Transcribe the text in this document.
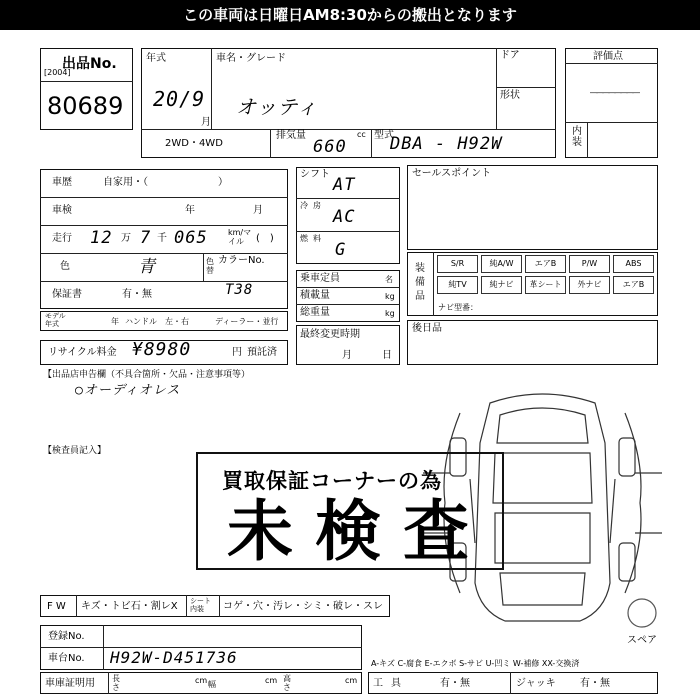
この車両は日曜日AM8:30からの搬出となります
出品No.
[2004]
80689
年式	車名・グレード	ドア
形状
20/9
月
オッティ
2WD・4WD
排気量	cc
660
型式
DBA - H92W
評価点
――――――――
内装
車歴	自家用・（　　　　　　　）
車検	年	月
走行 12 万 7 千 065	km/マイル	(　)
色	青	色替
カラーNo.
保証書	有・無	T38
モデル年式	年 ハンドル 左・右	ディーラー・並行
リサイクル料金 ¥8980	円 預託済
シフト
AT
冷房
AC
燃料
G
乗車定員	名
積載量	kg
総重量	kg
最終変更時期
月	日
セールスポイント
装備品
S/R	純A/W	エアB	P/W	ABS
純TV	純ナビ	革シート	外ナビ	エアB
ナビ型番：
後日品
【出品店申告欄（不具合箇所・欠品・注意事項等）
○オーディオレス
【検査員記入】
スペア
買取保証コーナーの為
未検査
F W キズ・トビ石・割レX シート内装	コゲ・穴・汚レ・シミ・破レ・スレ
登録No.
車台No. H92W-D451736
車庫証明用 長さ
cm 幅	cm 高さ
cm
A-キズ C-腐食 E-エクボ S-サビ U-凹ミ W-補修 XX-交換済
工具	有・無	ジャッキ 有・無
